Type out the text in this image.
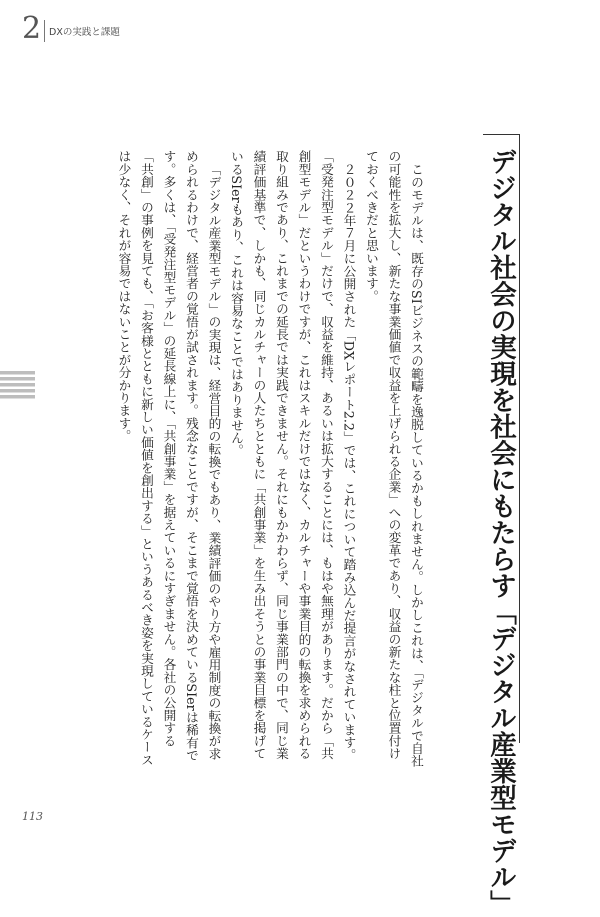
2 DXの実践と課題
デジタル社会の実現を社会にもたらす「デジタル産業型モデル」

このモデルは、既存のSIビジネスの範疇を逸脱しているかもしれません。しかしこれは、「デジタルで自社の可能性を拡大し、新たな事業価値で収益を上げられる企業」への変革であり、収益の新たな柱と位置付けておくべきだと思います。

２０２２年７月に公開された「DXレポート2.2」では、これについて踏み込んだ提言がなされています。「受発注型モデル」だけで、収益を維持、あるいは拡大することには、もはや無理があります。だから「共創型モデル」だというわけですが、これはスキルだけではなく、カルチャーや事業目的の転換を求められる取り組みであり、これまでの延長では実践できません。それにもかかわらず、同じ事業部門の中で、同じ業績評価基準で、しかも、同じカルチャーの人たちとともに「共創事業」を生み出そうとの事業目標を掲げているSIerもあり、これは容易なことではありません。

「デジタル産業型モデル」の実現は、経営目的の転換でもあり、業績評価のやり方や雇用制度の転換が求められるわけで、経営者の覚悟が試されます。残念なことですが、そこまで覚悟を決めているSIerは稀有です。多くは、「受発注型モデル」の延長線上に、「共創事業」を据えているにすぎません。各社の公開する「共創」の事例を見ても、「お客様とともに新しい価値を創出する」というあるべき姿を実現しているケースは少なく、それが容易ではないことが分かります。

113
